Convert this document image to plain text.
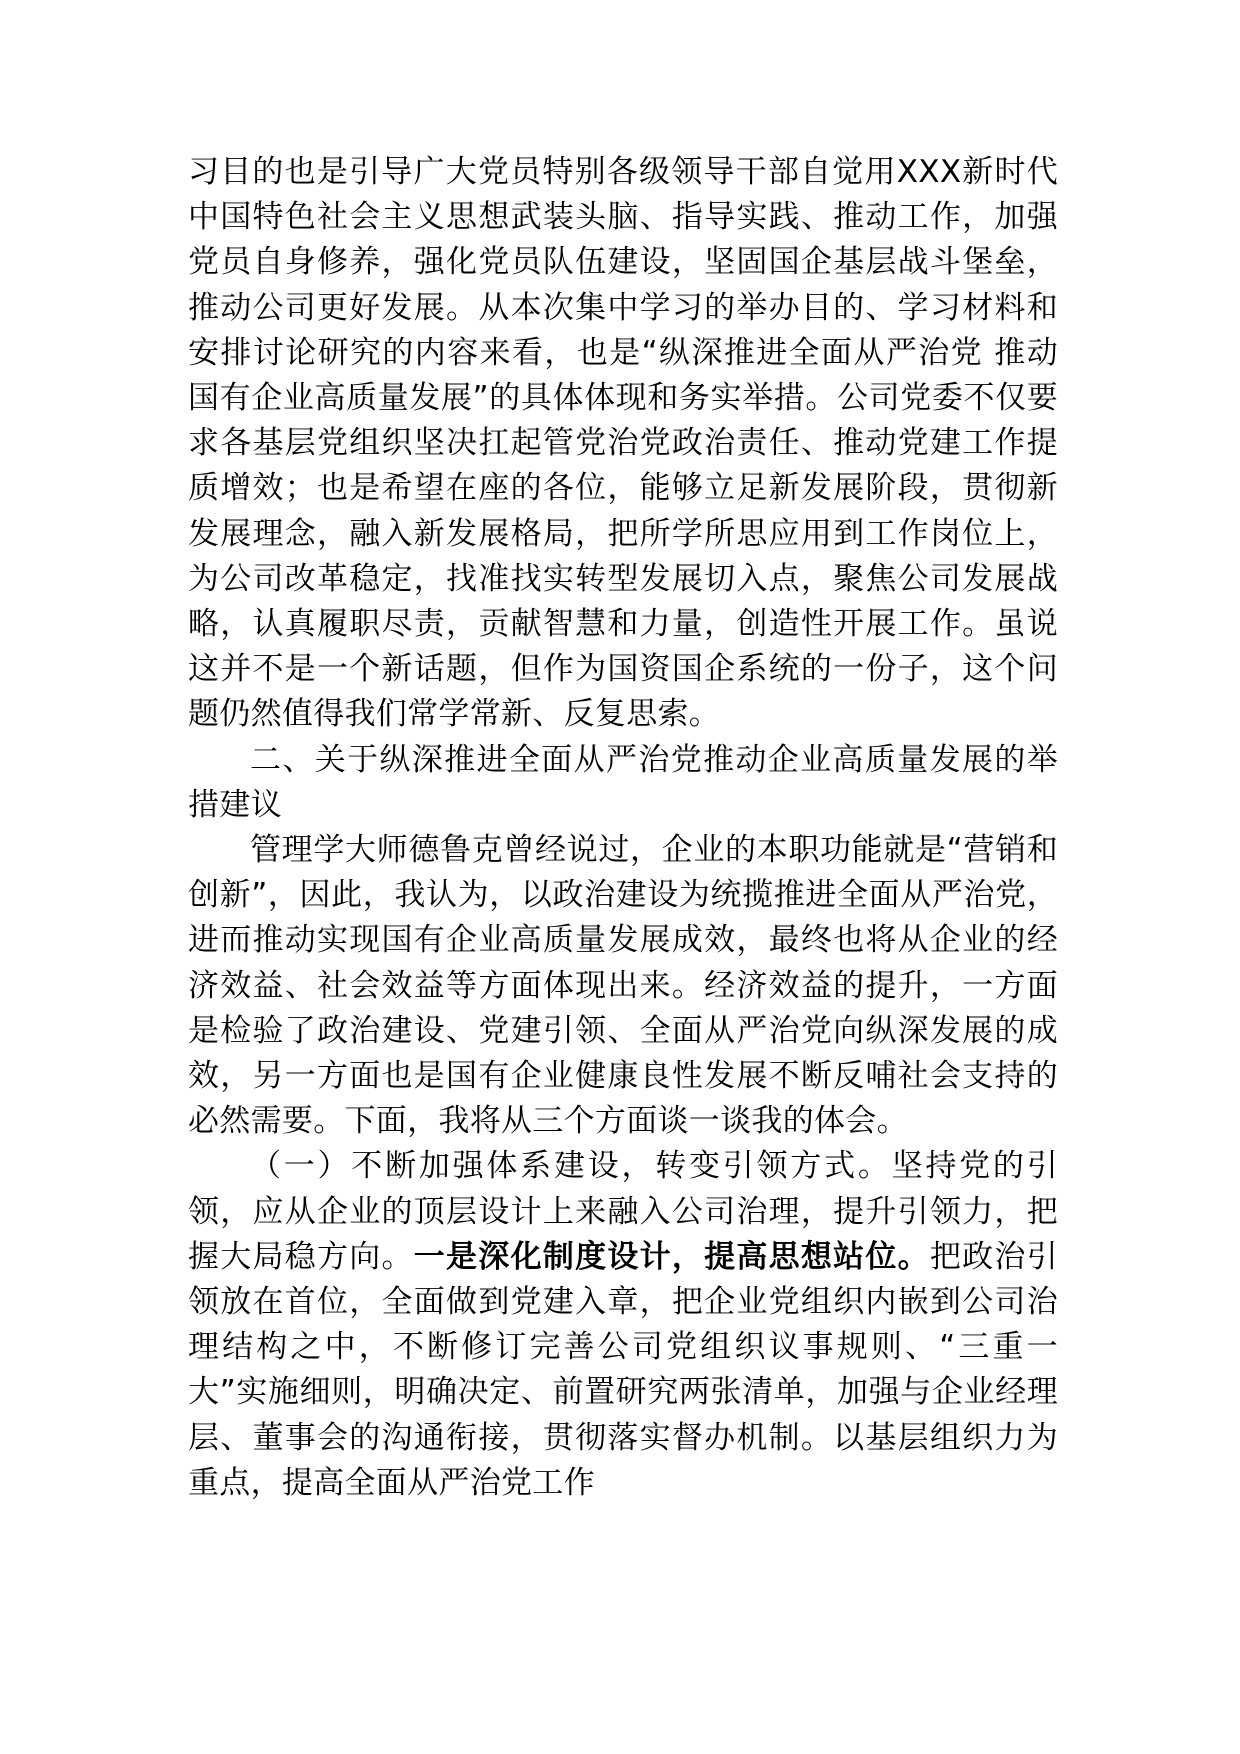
习目的也是引导广大党员特别各级领导干部自觉用XXX新时代中国特色社会主义思想武装头脑、指导实践、推动工作，加强党员自身修养，强化党员队伍建设，坚固国企基层战斗堡垒，推动公司更好发展。从本次集中学习的举办目的、学习材料和安排讨论研究的内容来看，也是“纵深推进全面从严治党 推动国有企业高质量发展”的具体体现和务实举措。公司党委不仅要求各基层党组织坚决扛起管党治党政治责任、推动党建工作提质增效；也是希望在座的各位，能够立足新发展阶段，贯彻新发展理念，融入新发展格局，把所学所思应用到工作岗位上，为公司改革稳定，找准找实转型发展切入点，聚焦公司发展战略，认真履职尽责，贡献智慧和力量，创造性开展工作。虽说这并不是一个新话题，但作为国资国企系统的一份子，这个问题仍然值得我们常学常新、反复思索。

二、关于纵深推进全面从严治党推动企业高质量发展的举措建议

管理学大师德鲁克曾经说过，企业的本职功能就是“营销和创新”，因此，我认为，以政治建设为统揽推进全面从严治党，进而推动实现国有企业高质量发展成效，最终也将从企业的经济效益、社会效益等方面体现出来。经济效益的提升，一方面是检验了政治建设、党建引领、全面从严治党向纵深发展的成效，另一方面也是国有企业健康良性发展不断反哺社会支持的必然需要。下面，我将从三个方面谈一谈我的体会。

（一）不断加强体系建设，转变引领方式。坚持党的引领，应从企业的顶层设计上来融入公司治理，提升引领力，把握大局稳方向。一是深化制度设计，提高思想站位。把政治引领放在首位，全面做到党建入章，把企业党组织内嵌到公司治理结构之中，不断修订完善公司党组织议事规则、“三重一大”实施细则，明确决定、前置研究两张清单，加强与企业经理层、董事会的沟通衔接，贯彻落实督办机制。以基层组织力为重点，提高全面从严治党工作
